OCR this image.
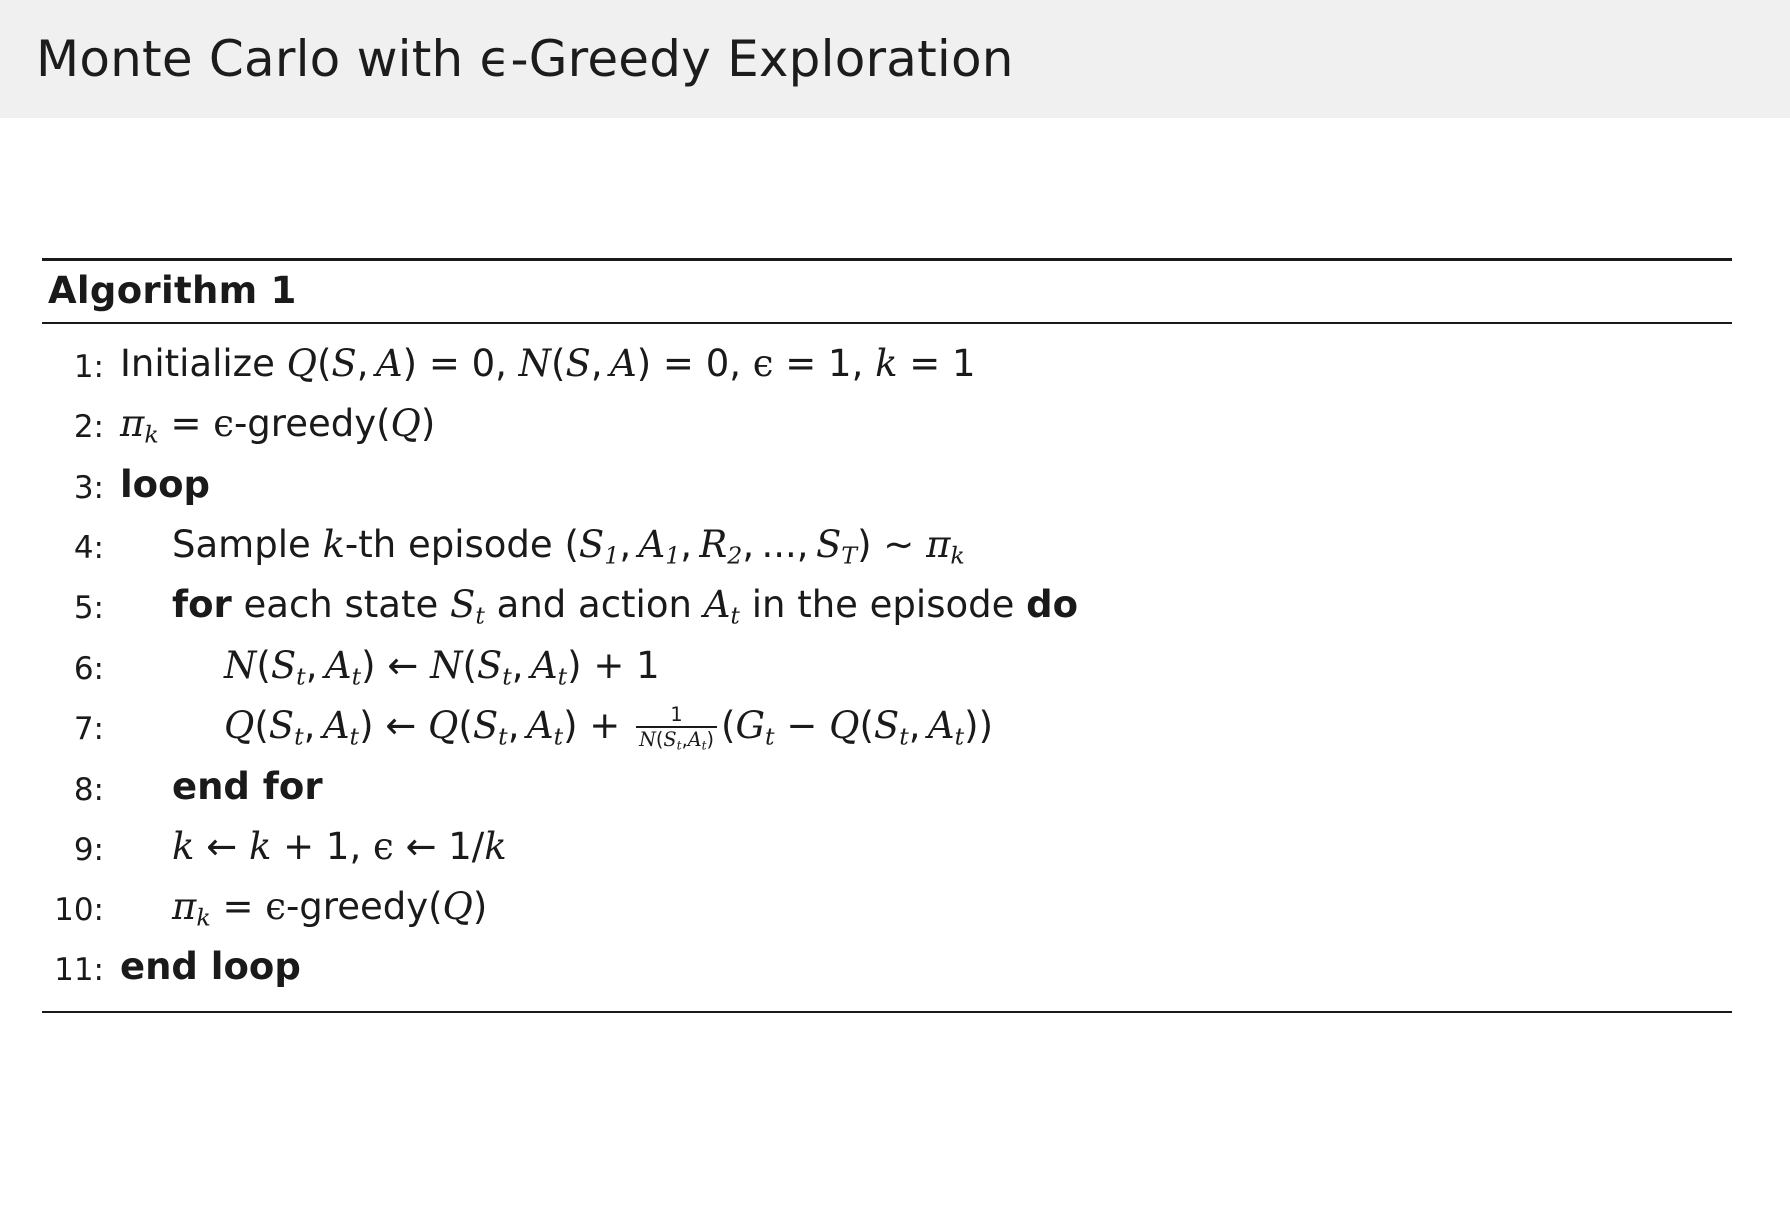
Monte Carlo with ϵ-Greedy Exploration
Algorithm 1
1: Initialize Q(S, A) = 0, N(S, A) = 0, ϵ = 1, k = 1
2: $\pi_k$ = ϵ-greedy(Q)
3: loop
4:	Sample k-th episode ($S_1$, $A_1$, $R_2$, ..., $S_T$) ∼ $\pi_k$
5:	for each state $S_t$ and action $A_t$ in the episode do
6:	$N(S_t$, $A_t$) ← $N(S_t$, $A_t) + 1$
7:	$Q(S_t$, $A_t$) ← $Q(S_t$, $A_t) + \frac{1}{N(S_t,A_t)} (G_t - Q(S_t$, $A_t$))
8:	end for
9:	k ← k + 1, ϵ ← 1/k
10:	$\pi_k$ = ϵ-greedy(Q)
11: end loop
